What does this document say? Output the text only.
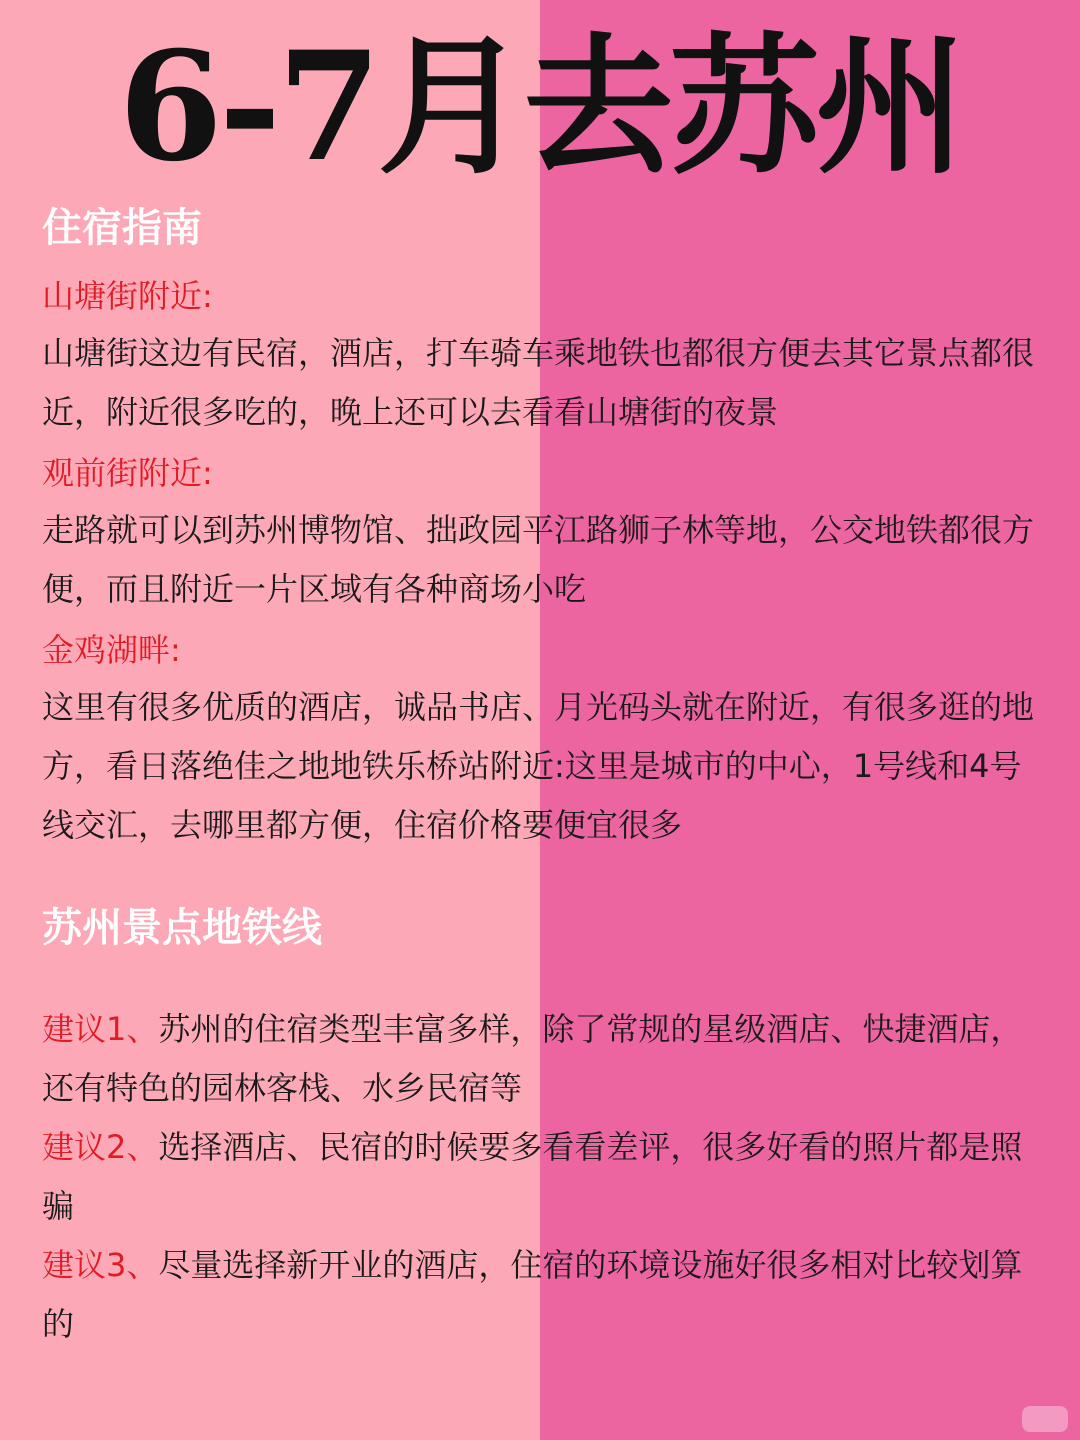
6-7月去苏州
住宿指南
山塘街附近:
山塘街这边有民宿，酒店，打车骑车乘地铁也都很方便去其它景点都很近，附近很多吃的，晚上还可以去看看山塘街的夜景
观前街附近:
走路就可以到苏州博物馆、拙政园平江路狮子林等地，公交地铁都很方便，而且附近一片区域有各种商场小吃
金鸡湖畔:
这里有很多优质的酒店，诚品书店、月光码头就在附近，有很多逛的地方，看日落绝佳之地地铁乐桥站附近:这里是城市的中心，1号线和4号线交汇，去哪里都方便，住宿价格要便宜很多
苏州景点地铁线
建议1、苏州的住宿类型丰富多样，除了常规的星级酒店、快捷酒店，还有特色的园林客栈、水乡民宿等
建议2、选择酒店、民宿的时候要多看看差评，很多好看的照片都是照骗
建议3、尽量选择新开业的酒店，住宿的环境设施好很多相对比较划算的
